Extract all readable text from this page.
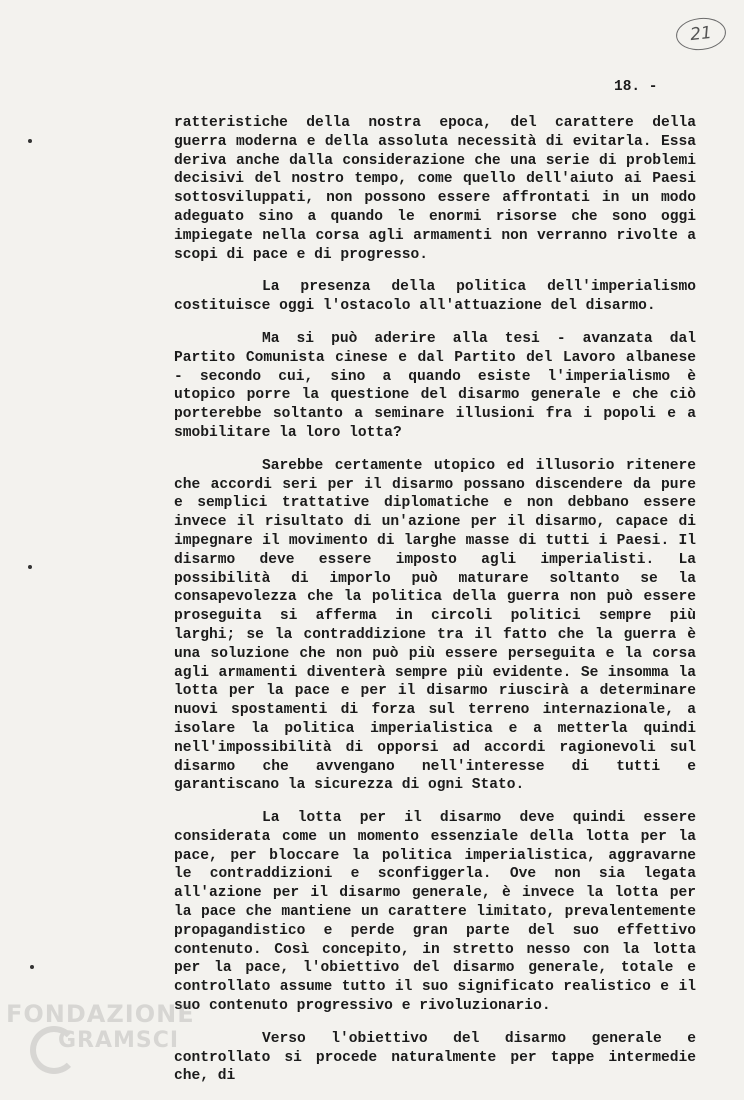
21
18. -

ratteristiche della nostra epoca, del carattere della guerra moderna e della assoluta necessità di evitarla. Essa deriva anche dalla considerazione che una serie di problemi decisivi del nostro tempo, come quello dell'aiuto ai Paesi sottosviluppati, non possono essere affrontati in un modo adeguato sino a quando le enormi risorse che sono oggi impiegate nella corsa agli armamenti non verranno rivolte a scopi di pace e di progresso.

La presenza della politica dell'imperialismo costituisce oggi l'ostacolo all'attuazione del disarmo.

Ma si può aderire alla tesi - avanzata dal Partito Comunista cinese e dal Partito del Lavoro albanese - secondo cui, sino a quando esiste l'imperialismo è utopico porre la questione del disarmo generale e che ciò porterebbe soltanto a seminare illusioni fra i popoli e a smobilitare la loro lotta?

Sarebbe certamente utopico ed illusorio ritenere che accordi seri per il disarmo possano discendere da pure e semplici trattative diplomatiche e non debbano essere invece il risultato di un'azione per il disarmo, capace di impegnare il movimento di larghe masse di tutti i Paesi. Il disarmo deve essere imposto agli imperialisti. La possibilità di imporlo può maturare soltanto se la consapevolezza che la politica della guerra non può essere proseguita si afferma in circoli politici sempre più larghi; se la contraddizione tra il fatto che la guerra è una soluzione che non può più essere perseguita e la corsa agli armamenti diventerà sempre più evidente. Se insomma la lotta per la pace e per il disarmo riuscirà a determinare nuovi spostamenti di forza sul terreno internazionale, a isolare la politica imperialistica e a metterla quindi nell'impossibilità di opporsi ad accordi ragionevoli sul disarmo che avvengano nell'interesse di tutti e garantiscano la sicurezza di ogni Stato.

La lotta per il disarmo deve quindi essere considerata come un momento essenziale della lotta per la pace, per bloccare la politica imperialistica, aggravarne le contraddizioni e sconfiggerla. Ove non sia legata all'azione per il disarmo generale, è invece la lotta per la pace che mantiene un carattere limitato, prevalentemente propagandistico e perde gran parte del suo effettivo contenuto. Così concepito, in stretto nesso con la lotta per la pace, l'obiettivo del disarmo generale, totale e controllato assume tutto il suo significato realistico e il suo contenuto progressivo e rivoluzionario.

Verso l'obiettivo del disarmo generale e controllato si procede naturalmente per tappe intermedie che, di

FONDAZIONE
GRAMSCI
